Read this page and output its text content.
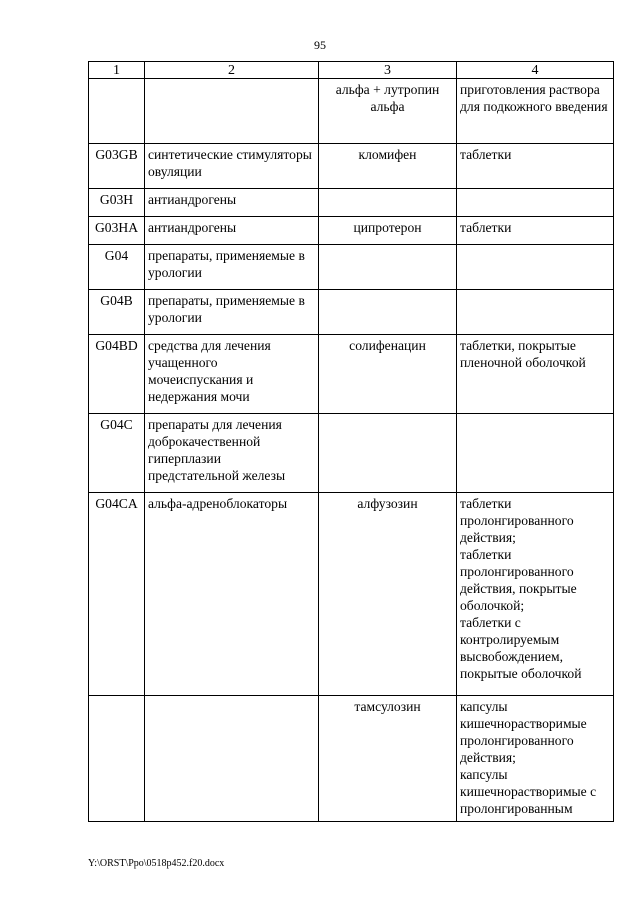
95
1	2	3	4
		альфа + лутропин альфа	приготовления раствора для подкожного введения

G03GB	синтетические стимуляторы овуляции	кломифен	таблетки

G03H	антиандрогены		
G03HA	антиандрогены	ципротерон	таблетки

G04	препараты, применяемые в урологии		
G04B	препараты, применяемые в урологии		
G04BD	средства для лечения учащенного мочеиспускания и недержания мочи	солифенацин	таблетки, покрытые пленочной оболочкой

G04C	препараты для лечения доброкачественной гиперплазии предстательной железы		
G04CA	альфа-адреноблокаторы	алфузозин	таблетки пролонгированного действия;
таблетки пролонгированного действия, покрытые оболочкой;
таблетки с контролируемым высвобождением, покрытые оболочкой

		тамсулозин	капсулы кишечнорастворимые пролонгированного действия;
капсулы кишечнорастворимые с пролонгированным
Y:\ORST\Ppo\0518p452.f20.docx
